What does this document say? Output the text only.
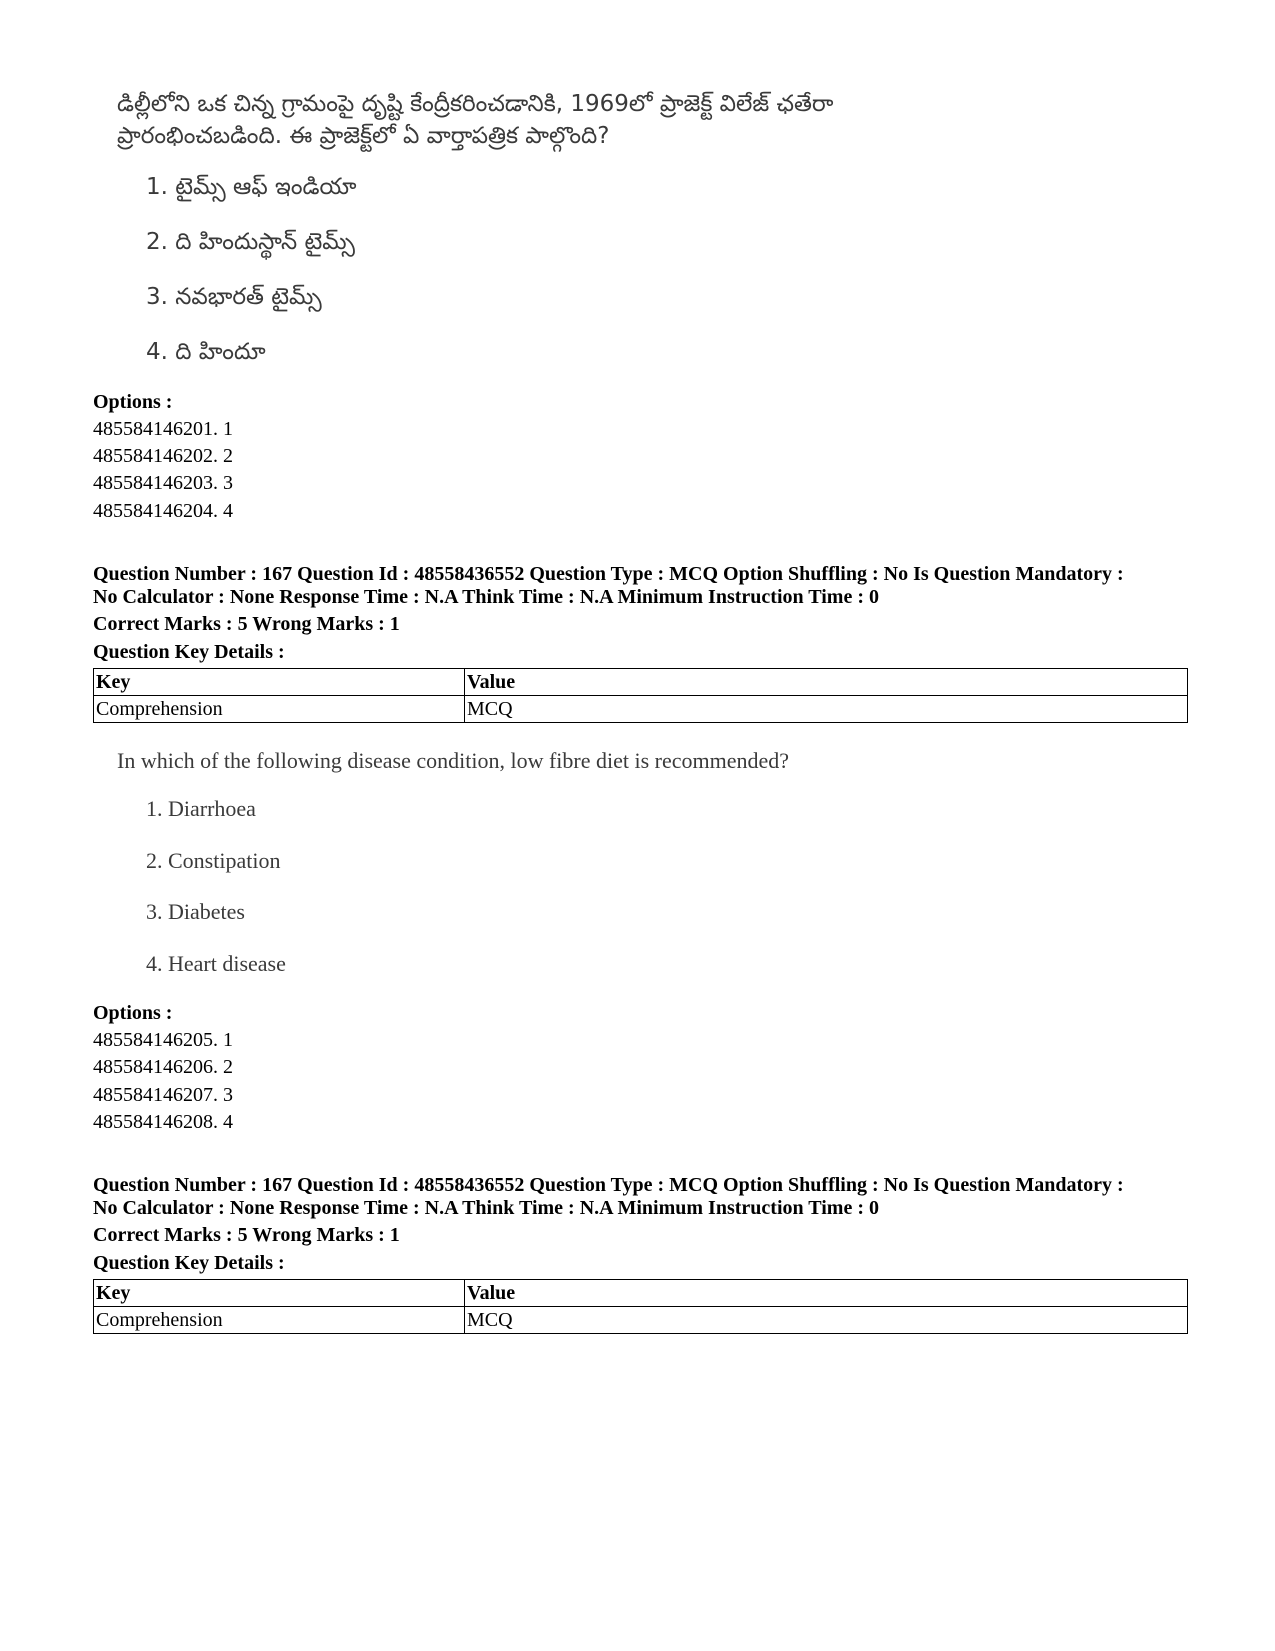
డిల్లీలోని ఒక చిన్న గ్రామంపై దృష్టి కేంద్రీకరించడానికి, 1969లో ప్రాజెక్ట్ విలేజ్ ఛతేరా
ప్రారంభించబడింది. ఈ ప్రాజెక్ట్‌లో ఏ వార్తాపత్రిక పాల్గొంది?
1. టైమ్స్ ఆఫ్ ఇండియా
2. ది హిందుస్థాన్ టైమ్స్
3. నవభారత్ టైమ్స్
4. ది హిందూ
Options :
485584146201. 1
485584146202. 2
485584146203. 3
485584146204. 4
Question Number : 167 Question Id : 48558436552 Question Type : MCQ Option Shuffling : No Is Question Mandatory :
No Calculator : None Response Time : N.A Think Time : N.A Minimum Instruction Time : 0
Correct Marks : 5 Wrong Marks : 1
Question Key Details :
Key	Value
Comprehension	MCQ
In which of the following disease condition, low fibre diet is recommended?
1. Diarrhoea
2. Constipation
3. Diabetes
4. Heart disease
Options :
485584146205. 1
485584146206. 2
485584146207. 3
485584146208. 4
Question Number : 167 Question Id : 48558436552 Question Type : MCQ Option Shuffling : No Is Question Mandatory :
No Calculator : None Response Time : N.A Think Time : N.A Minimum Instruction Time : 0
Correct Marks : 5 Wrong Marks : 1
Question Key Details :
Key	Value
Comprehension	MCQ
